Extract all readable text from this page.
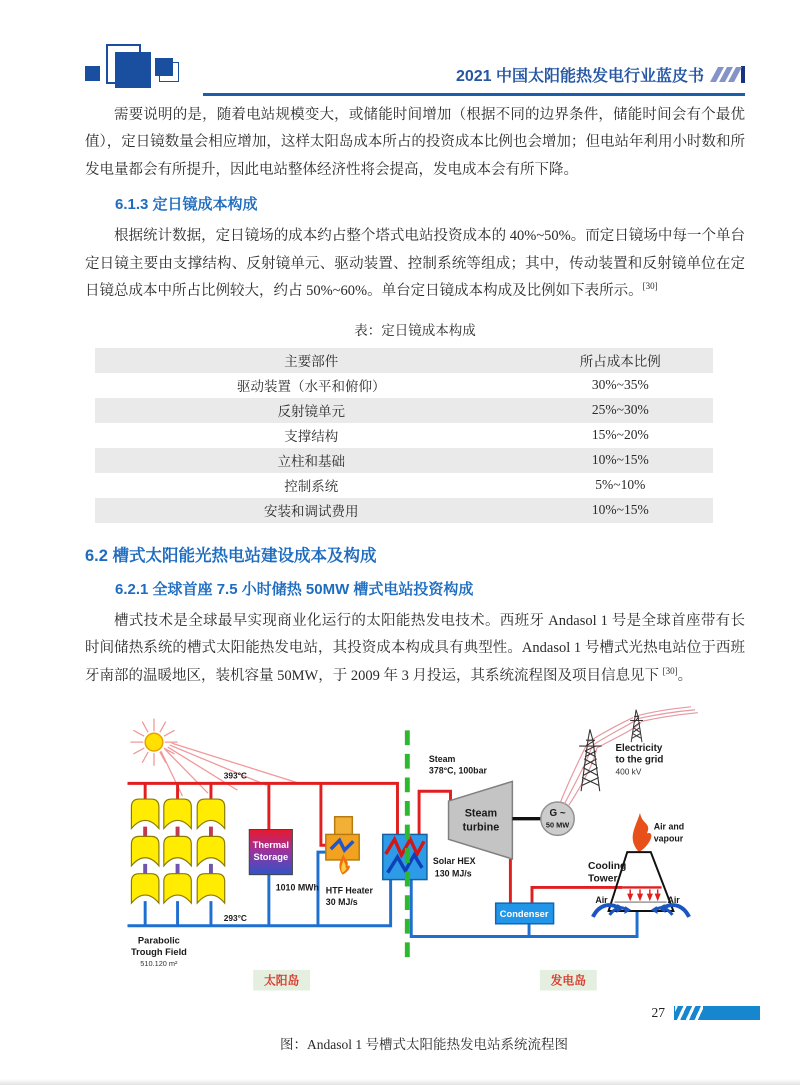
2021 中国太阳能热发电行业蓝皮书

需要说明的是，随着电站规模变大，或储能时间增加（根据不同的边界条件，储能时间会有个最优值），定日镜数量会相应增加，这样太阳岛成本所占的投资成本比例也会增加；但电站年利用小时数和所发电量都会有所提升，因此电站整体经济性将会提高，发电成本会有所下降。

6.1.3 定日镜成本构成

根据统计数据，定日镜场的成本约占整个塔式电站投资成本的 40%~50%。而定日镜场中每一个单台定日镜主要由支撑结构、反射镜单元、驱动装置、控制系统等组成；其中，传动装置和反射镜单位在定日镜总成本中所占比例较大，约占 50%~60%。单台定日镜成本构成及比例如下表所示。[30]

表：定日镜成本构成
主要部件	所占成本比例
驱动装置（水平和俯仰）	30%~35%
反射镜单元	25%~30%
支撑结构	15%~20%
立柱和基础	10%~15%
控制系统	5%~10%
安装和调试费用	10%~15%
6.2 槽式太阳能光热电站建设成本及构成
6.2.1 全球首座 7.5 小时储热 50MW 槽式电站投资构成

槽式技术是全球最早实现商业化运行的太阳能热发电技术。西班牙 Andasol 1 号是全球首座带有长时间储热系统的槽式太阳能热发电站，其投资成本构成具有典型性。Andasol 1 号槽式光热电站位于西班牙南部的温暖地区，装机容量 50MW，于 2009 年 3 月投运，其系统流程图及项目信息见下 [30]。

Thermal
Storage
1010 MWh HTF Heater
30 MJ/s
Solar HEX
130 MJ/s
Steam
378°C, 100bar
Steam
turbine
G ~
50 MW
Electricity
to the grid
400 kV
Condenser
Cooling
Tower
Air and
vapour
Air	Air
393°C
293°C
Parabolic
Trough Field
510.120 m²
太阳岛	发电岛
图：Andasol 1 号槽式太阳能热发电站系统流程图
27
